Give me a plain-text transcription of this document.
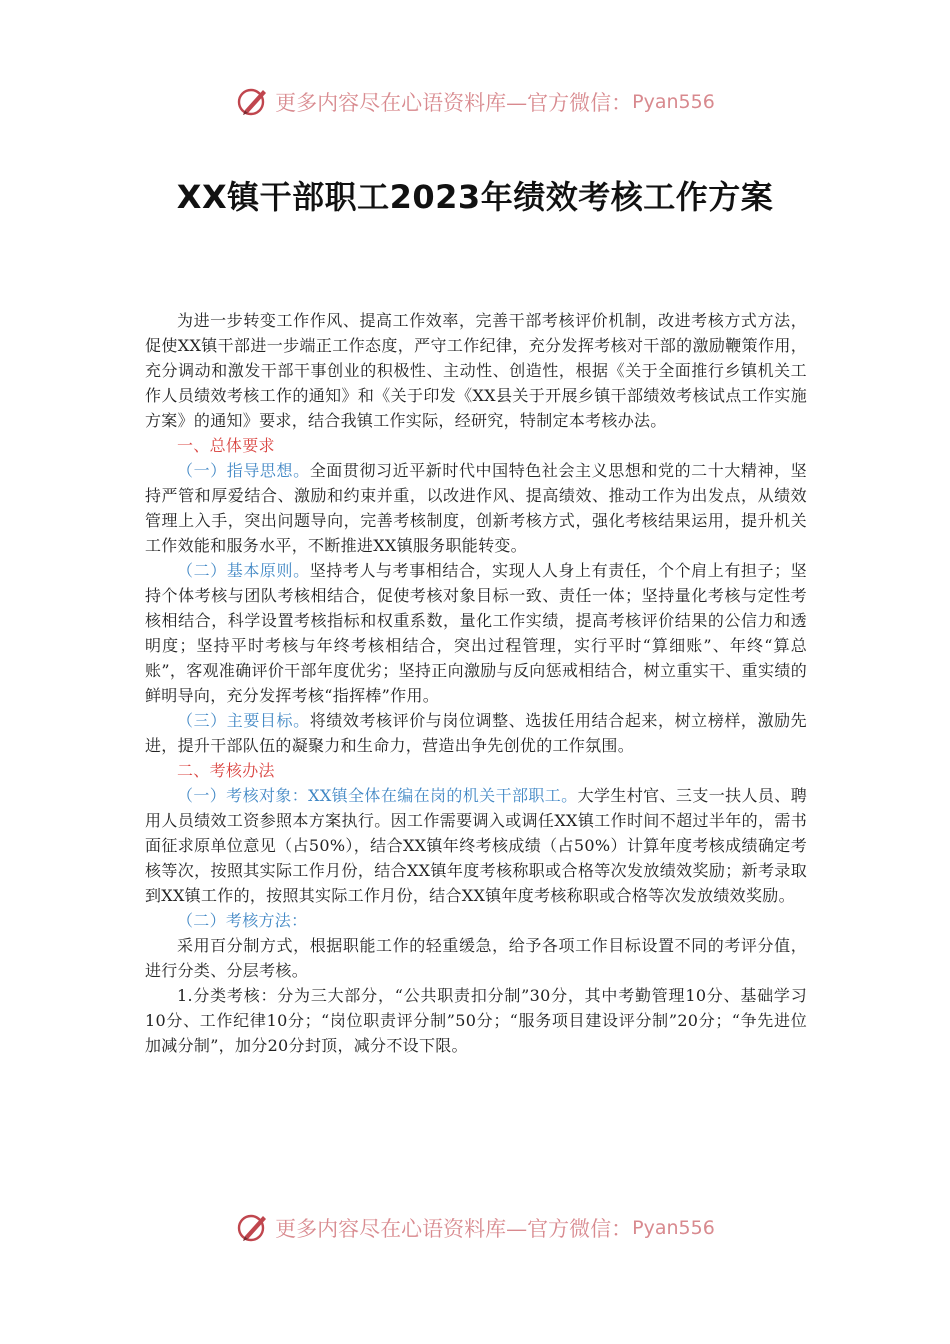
更多内容尽在心语资料库—官方微信： Pyan556
XX镇干部职工2023年绩效考核工作方案

为进一步转变工作作风、提高工作效率，完善干部考核评价机制，改进考核方式方法，促使XX镇干部进一步端正工作态度，严守工作纪律，充分发挥考核对干部的激励鞭策作用，充分调动和激发干部干事创业的积极性、主动性、创造性，根据《关于全面推行乡镇机关工作人员绩效考核工作的通知》和《关于印发《XX县关于开展乡镇干部绩效考核试点工作实施方案》的通知》要求，结合我镇工作实际，经研究，特制定本考核办法。

一、总体要求

（一）指导思想。全面贯彻习近平新时代中国特色社会主义思想和党的二十大精神，坚持严管和厚爱结合、激励和约束并重，以改进作风、提高绩效、推动工作为出发点，从绩效管理上入手，突出问题导向，完善考核制度，创新考核方式，强化考核结果运用，提升机关工作效能和服务水平，不断推进XX镇服务职能转变。

（二）基本原则。坚持考人与考事相结合，实现人人身上有责任，个个肩上有担子；坚持个体考核与团队考核相结合，促使考核对象目标一致、责任一体；坚持量化考核与定性考核相结合，科学设置考核指标和权重系数，量化工作实绩，提高考核评价结果的公信力和透明度；坚持平时考核与年终考核相结合，突出过程管理，实行平时“算细账”、年终“算总账”，客观准确评价干部年度优劣；坚持正向激励与反向惩戒相结合，树立重实干、重实绩的鲜明导向，充分发挥考核“指挥棒”作用。

（三）主要目标。将绩效考核评价与岗位调整、选拔任用结合起来，树立榜样，激励先进，提升干部队伍的凝聚力和生命力，营造出争先创优的工作氛围。

二、考核办法

（一）考核对象：XX镇全体在编在岗的机关干部职工。大学生村官、三支一扶人员、聘用人员绩效工资参照本方案执行。因工作需要调入或调任XX镇工作时间不超过半年的，需书面征求原单位意见（占50%），结合XX镇年终考核成绩（占50%）计算年度考核成绩确定考核等次，按照其实际工作月份，结合XX镇年度考核称职或合格等次发放绩效奖励；新考录取到XX镇工作的，按照其实际工作月份，结合XX镇年度考核称职或合格等次发放绩效奖励。

（二）考核方法：

采用百分制方式，根据职能工作的轻重缓急，给予各项工作目标设置不同的考评分值，进行分类、分层考核。

1.分类考核：分为三大部分，“公共职责扣分制”30分，其中考勤管理10分、基础学习10分、工作纪律10分；“岗位职责评分制”50分；“服务项目建设评分制”20分；“争先进位加减分制”，加分20分封顶，减分不设下限。

更多内容尽在心语资料库—官方微信： Pyan556
